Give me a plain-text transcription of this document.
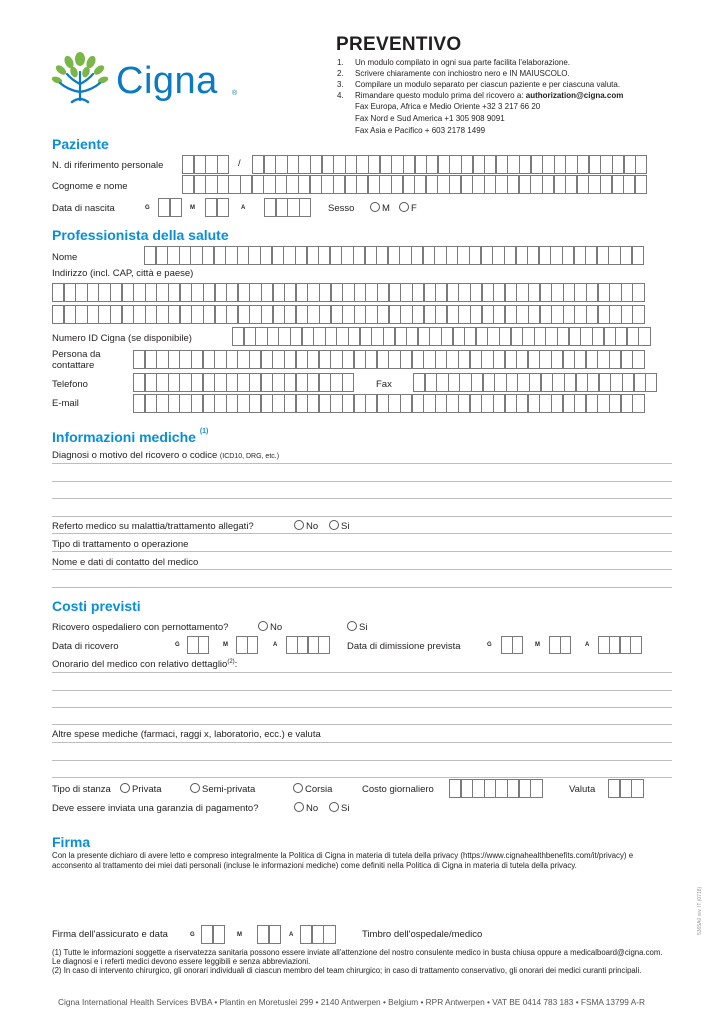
Cigna ®
PREVENTIVO
1. Un modulo compilato in ogni sua parte facilita l'elaborazione.
2. Scrivere chiaramente con inchiostro nero e IN MAIUSCOLO.
3. Compilare un modulo separato per ciascun paziente e per ciascuna valuta.
4. Rimandare questo modulo prima del ricovero a: authorization@cigna.com
Fax Europa, Africa e Medio Oriente +32 3 217 66 20
Fax Nord e Sud America +1 305 908 9091
Fax Asia e Pacifico + 603 2178 1499
Paziente
N. di riferimento personale	/
Cognome e nome
Data di nascita	G	M	A	Sesso	M	F
Professionista della salute
Nome
Indirizzo (incl. CAP, città e paese)
Numero ID Cigna (se disponibile)
Persona da
contattare
Telefono	Fax
E-mail
Informazioni mediche $^{(1)}$
Diagnosi o motivo del ricovero o codice (ICD10, DRG, etc.)
Referto medico su malattia/trattamento allegati?	No	Si
Tipo di trattamento o operazione
Nome e dati di contatto del medico
Costi previsti
Ricovero ospedaliero con pernottamento?	No	Si
Data di ricovero	G	M	A	Data di dimissione prevista	G	M	A
Onorario del medico con relativo dettaglio$^{(2)}$:
Altre spese mediche (farmaci, raggi x, laboratorio, ecc.) e valuta
Tipo di stanza	Privata	Semi-privata	Corsia	Costo giornaliero	Valuta
Deve essere inviata una garanzia di pagamento?	No	Si
Firma
Con la presente dichiaro di avere letto e compreso integralmente la Politica di Cigna in materia di tutela della privacy (https://www.cignahealthbenefits.com/it/privacy) e acconsento al trattamento dei miei dati personali (incluse le informazioni mediche) come definiti nella Politica di Cigna in materia di tutela della privacy.
Firma dell'assicurato e data	G	M	A	Timbro dell'ospedale/medico
(1) Tutte le informazioni soggette a riservatezza sanitaria possono essere inviate all'attenzione del nostro consulente medico in busta chiusa oppure a medicalboard@cigna.com. Le diagnosi e i referti medici devono essere leggibili e senza abbreviazioni.
(2) In caso di intervento chirurgico, gli onorari individuali di ciascun membro del team chirurgico; in caso di trattamento conservativo, gli onorari dei medici curanti principali.
Cigna International Health Services BVBA • Plantin en Moretuslei 299 • 2140 Antwerpen • Belgium • RPR Antwerpen • VAT BE 0414 783 183 • FSMA 13799 A-R
5365A0 rev. IT (0718)
